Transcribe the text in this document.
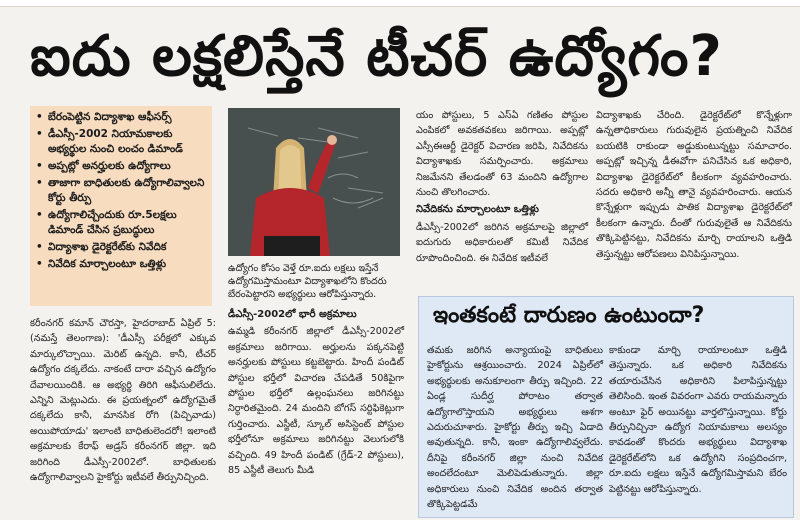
ఐదు లక్షలిస్తేనే టీచర్ ఉద్యోగం?
• బేరంపెట్టిన విద్యాశాఖ ఆఫీసర్స్
• డీఎస్సీ-2002 నియామకాలకు అభ్యర్థుల నుంచి లంచం డిమాండ్
• అప్పట్లో అనర్హులకు ఉద్యోగాలు
• తాజాగా బాధితులకు ఉద్యోగాలివ్వాలని కోర్టు తీర్పు
• ఉద్యోగాలిచ్చేందుకు రూ.5లక్షలు డిమాండ్ చేసిన ప్రబుద్ధులు
• విద్యాశాఖ డైరెక్టరేట్‌కు నివేదిక
• నివేదిక మార్చాలంటూ ఒత్తిళ్లు	ఉద్యోగం కోసం వెళ్తే రూ.ఐదు లక్షలు ఇస్తేనే ఉద్యోగమిస్తామంటూ విద్యాశాఖలోని కొందరు బేరంపెట్టారని అభ్యర్థులు ఆరోపిస్తున్నారు.

కరీంనగర్ కమాన్ చౌరస్తా, హైదరాబాద్ ఏప్రిల్ 5: (నమస్తే తెలంగాణ): 'డీఎస్సీ పరీక్షలో ఎక్కువ మార్కులొచ్చాయి. మెరిట్ ఉన్నది. కానీ, టీచర్ ఉద్యోగం దక్కలేదు. నాకంటే దారా వచ్చిన ఉద్యోగం దేవాలయిందికి. ఆ అభ్యర్థి తిరిగి ఆఫీసులిలేదు. ఎన్నిని మెట్లుఎదు. ఈ ప్రయత్నంలో ఉద్యోగమైతే దక్కలేదు కానీ, మానసిక రోగి (పిచ్చివాడు) అయిపోయాడు' ఇలాంటి బాధితులెందరో! ఇలాంటి అక్రమాలకు కేరాఫ్ అడ్రస్ కరీంనగర్ జిల్లా. ఇది జరిగింది డీఎస్సీ-2002లో. బాధితులకు ఉద్యోగాలివ్వాలని హైకోర్టు ఇటీవలే తీర్పునిచ్చింది.

డీఎస్సీ-2002లో భారీ అక్రమాలు

ఉమ్మడి కరీంనగర్ జిల్లాలో డీఎస్సీ-2002లో అక్రమాలు జరిగాయి. అర్హులను పక్కనపెట్టి అనర్హులకు పోస్టులు కట్టబెట్టారు. హిందీ పండిట్ పోస్టుల భర్తీలో విచారణ చేపడితే 50కిపైగా పోస్టుల భర్తీలో ఉల్లంఘనలు జరిగినట్టు నిర్ధారితమైంది. 24 మందిని బోగస్ సర్టిఫికెట్లుగా గుర్తించారు. ఎస్జీటీ, స్కూల్ అసిస్టెంట్ పోస్టుల భర్తీలోనూ అక్రమాలు జరిగినట్టు వెలుగులోకి వచ్చింది. 49 హిందీ పండిట్ (గ్రేడ్-2 పోస్టులు), 85 ఎస్జీటీ తెలుగు మీడి

యం పోస్టులు, 5 ఎస్ఏ గణితం పోస్టుల ఎంపికలో అవకతవకలు జరిగాయి. అప్పట్లో ఎస్సీఈఆర్టీ డైరెక్టర్ విచారణ జరిపి, నివేదికను విద్యాశాఖకు సమర్పించారు. అక్రమాలు నిజమేనని తేలడంతో 63 మందిని ఉద్యోగాల నుంచి తొలగించారు.

నివేదికను మార్చాలంటూ ఒత్తిళ్లు

డీఎస్సీ-2002లో జరిగిన అక్రమాలపై జిల్లాలో ఐదుగురు అధికారులతో కమిటీ నివేదిక రూపొందించింది. ఈ నివేదిక ఇటీవలే

విద్యాశాఖకు చేరింది. డైరెక్టరేట్‌లో కొన్నేళ్లుగా ఉన్నతాధికారులు గురువులైన ప్రయత్నించి నివేదిక బయటికి రాకుండా అడ్డుకుంటున్నట్టు సమాచారం. అప్పట్లో ఇచ్చిన్న డీఈవోగా పనిచేసిన ఒక అధికారి, విద్యాశాఖ డైరెక్టరేట్‌లో కీలకంగా వ్యవహరించారు. సదరు అధికారి అన్నీ తానై వ్యవహరించారు. ఆయన కొన్నేళ్లుగా ఇప్పుడు పాతిక విద్యాశాఖ డైరెక్టరేట్‌లో కీలకంగా ఉన్నారు. దీంతో గురువులైతే ఆ నివేదికను తొక్కిపెట్టినట్టు, నివేదికను మార్చి రాయాలని ఒత్తిడి తెస్తున్నట్టు ఆరోపణలు వినిపిస్తున్నాయి.

ఇంతకంటే దారుణం ఉంటుందా?
తమకు జరిగిన అన్యాయంపై బాధితులు హైకోర్టును ఆశ్రయించారు. 2024 ఏప్రిల్‌లో అభ్యర్థులకు అనుకూలంగా తీర్పు ఇచ్చింది. 22 ఏండ్ల సుదీర్ఘ పోరాటం తర్వాత ఉద్యోగాలొస్తాయని అభ్యర్థులు ఆశగా ఎదురుచూశారు. హైకోర్టు తీర్పు ఇచ్చి ఏడాది అవుతున్నది. కానీ, ఇంకా ఉద్యోగాలివ్వలేదు. దీనిపై కరీంనగర్ జిల్లా నుంచి నివేదిక అందలేదంటూ మెలిపెడుతున్నారు. జిల్లా అధికారులు నుంచి నివేదిక అందిన తర్వాత తొక్కిపెట్టడమే
కాకుండా మార్చి రాయాలంటూ ఒత్తిడి తెస్తున్నారు. ఒక అధికారి నివేదికను తయారుచేసిన అధికారిని పిలాపిస్తున్నట్టు తెలిసింది. ఇంత వివరంగా ఎవరు రాయమన్నారు అంటూ ఫైర్ అయినట్టు వార్తలొస్తున్నాయి. కోర్టు తీర్పునిచ్చినా ఉద్యోగ నియామకాలు అలస్యం కావడంతో కొందరు అభ్యర్థులు విద్యాశాఖ డైరెక్టరేట్‌లోని ఒక ఉద్యోగిని సంప్రదించగా, రూ.ఐదు లక్షలు ఇస్తేనే ఉద్యోగమిస్తామని బేరం పెట్టినట్టు ఆరోపిస్తున్నారు.
